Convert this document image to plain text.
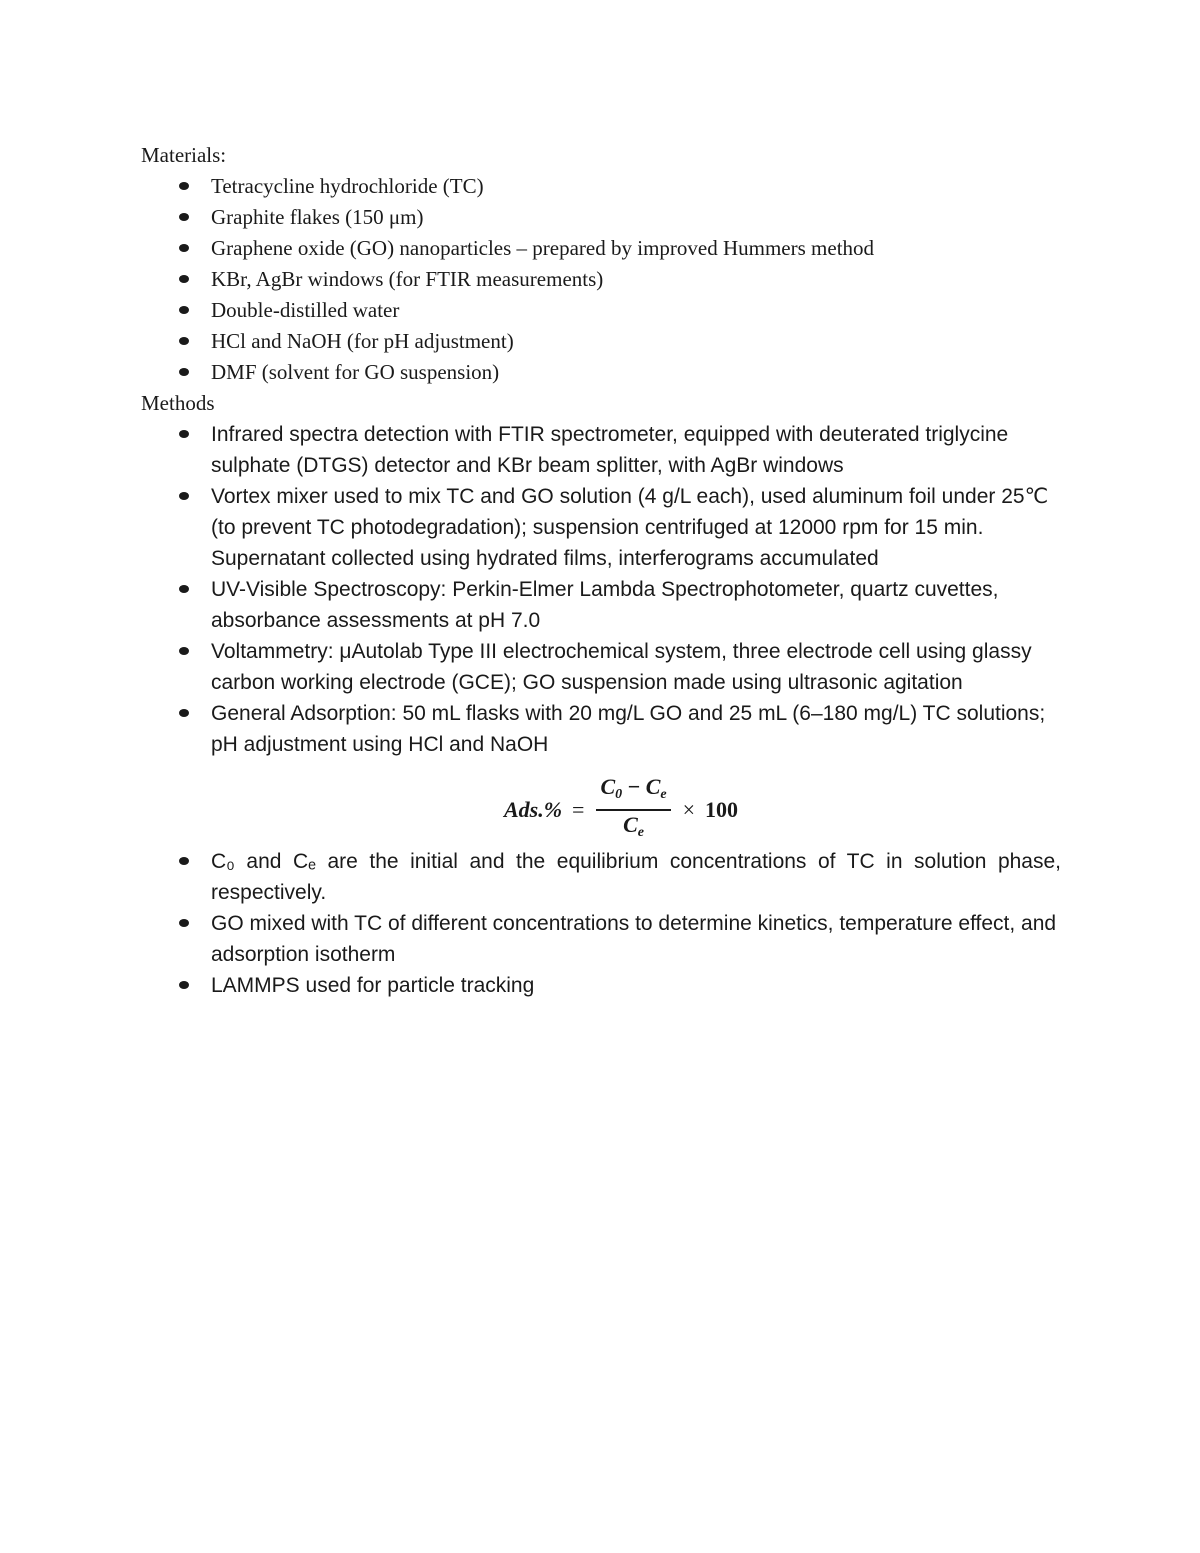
Materials:

Tetracycline hydrochloride (TC)
Graphite flakes (150 μm)
Graphene oxide (GO) nanoparticles – prepared by improved Hummers method
KBr, AgBr windows (for FTIR measurements)
Double-distilled water
HCl and NaOH (for pH adjustment)
DMF (solvent for GO suspension)

Methods

Infrared spectra detection with FTIR spectrometer, equipped with deuterated triglycine sulphate (DTGS) detector and KBr beam splitter, with AgBr windows
Vortex mixer used to mix TC and GO solution (4 g/L each), used aluminum foil under 25℃ (to prevent TC photodegradation); suspension centrifuged at 12000 rpm for 15 min. Supernatant collected using hydrated films, interferograms accumulated
UV-Visible Spectroscopy: Perkin-Elmer Lambda Spectrophotometer, quartz cuvettes, absorbance assessments at pH 7.0
Voltammetry: μAutolab Type III electrochemical system, three electrode cell using glassy carbon working electrode (GCE); GO suspension made using ultrasonic agitation
General Adsorption: 50 mL flasks with 20 mg/L GO and 25 mL (6–180 mg/L) TC solutions; pH adjustment using HCl and NaOH
$Ads.\% = \frac{C_0 - C_e}{C_e} \times 100$
C₀ and Cₑ are the initial and the equilibrium concentrations of TC in solution phase, respectively.
GO mixed with TC of different concentrations to determine kinetics, temperature effect, and adsorption isotherm
LAMMPS used for particle tracking
